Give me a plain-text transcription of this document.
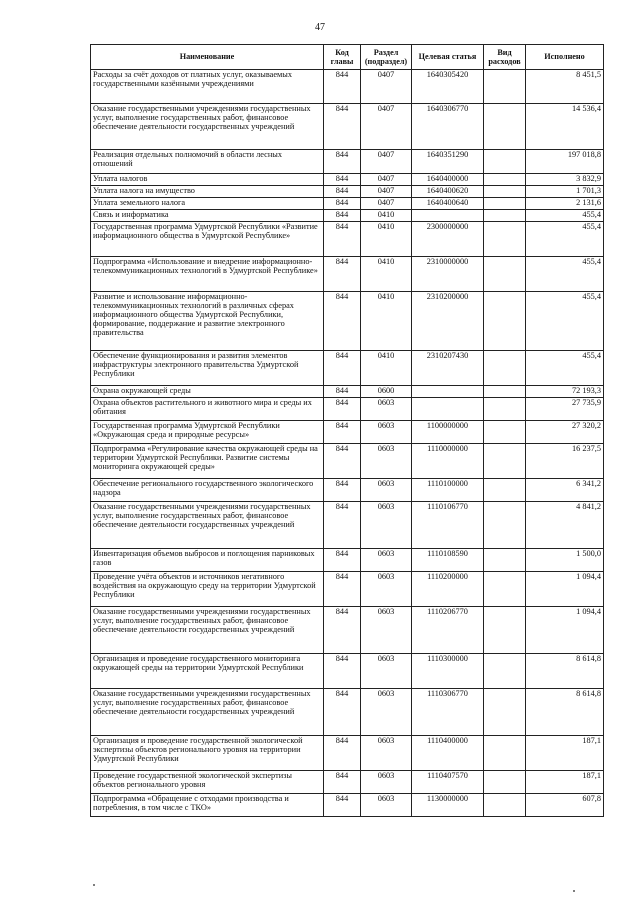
47
Наименование	Код главы	Раздел (подраздел)	Целевая статья	Вид расходов	Исполнено
Расходы за счёт доходов от платных услуг, оказываемых государственными казёнными учреждениями	844	0407	1640305420		8 451,5
Оказание государственными учреждениями государственных услуг, выполнение государственных работ, финансовое обеспечение деятельности государственных учреждений	844	0407	1640306770		14 536,4
Реализация отдельных полномочий в области лесных отношений	844	0407	1640351290		197 018,8
Уплата налогов	844	0407	1640400000		3 832,9
Уплата налога на имущество	844	0407	1640400620		1 701,3
Уплата земельного налога	844	0407	1640400640		2 131,6
Связь и информатика	844	0410			455,4
Государственная программа Удмуртской Республики «Развитие информационного общества в Удмуртской Республике»	844	0410	2300000000		455,4
Подпрограмма «Использование и внедрение информационно-телекоммуникационных технологий в Удмуртской Республике»	844	0410	2310000000		455,4
Развитие и использование информационно-телекоммуникационных технологий в различных сферах информационного общества Удмуртской Республики, формирование, поддержание и развитие электронного правительства	844	0410	2310200000		455,4
Обеспечение функционирования и развития элементов инфраструктуры электронного правительства Удмуртской Республики	844	0410	2310207430		455,4
Охрана окружающей среды	844	0600			72 193,3
Охрана объектов растительного и животного мира и среды их обитания	844	0603			27 735,9
Государственная программа Удмуртской Республики «Окружающая среда и природные ресурсы»	844	0603	1100000000		27 320,2
Подпрограмма «Регулирование качества окружающей среды на территории Удмуртской Республики. Развитие системы мониторинга окружающей среды»	844	0603	1110000000		16 237,5
Обеспечение регионального государственного экологического надзора	844	0603	1110100000		6 341,2
Оказание государственными учреждениями государственных услуг, выполнение государственных работ, финансовое обеспечение деятельности государственных учреждений	844	0603	1110106770		4 841,2
Инвентаризация объемов выбросов и поглощения парниковых газов	844	0603	1110108590		1 500,0
Проведение учёта объектов и источников негативного воздействия на окружающую среду на территории Удмуртской Республики	844	0603	1110200000		1 094,4
Оказание государственными учреждениями государственных услуг, выполнение государственных работ, финансовое обеспечение деятельности государственных учреждений	844	0603	1110206770		1 094,4
Организация и проведение государственного мониторинга окружающей среды на территории Удмуртской Республики	844	0603	1110300000		8 614,8
Оказание государственными учреждениями государственных услуг, выполнение государственных работ, финансовое обеспечение деятельности государственных учреждений	844	0603	1110306770		8 614,8
Организация и проведение государственной экологической экспертизы объектов регионального уровня на территории Удмуртской Республики	844	0603	1110400000		187,1
Проведение государственной экологической экспертизы объектов регионального уровня	844	0603	1110407570		187,1
Подпрограмма «Обращение с отходами производства и потребления, в том числе с ТКО»	844	0603	1130000000		607,8
